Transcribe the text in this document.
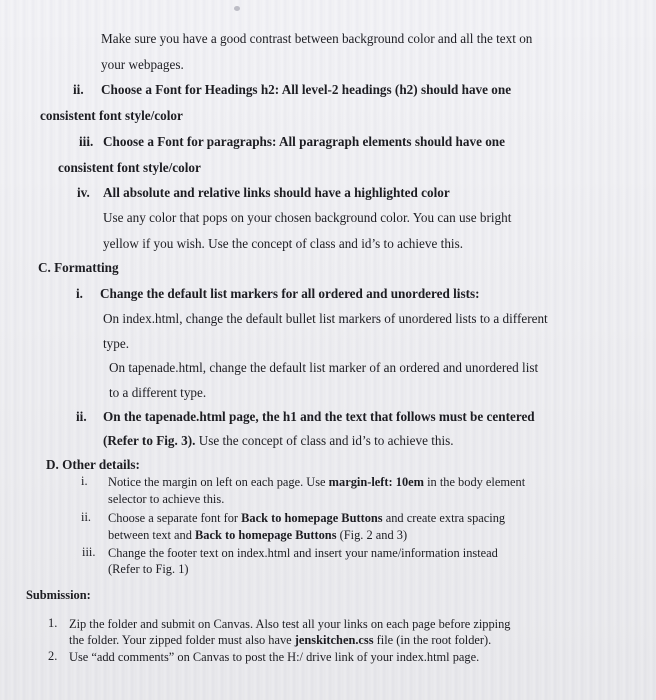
Make sure you have a good contrast between background color and all the text on
your webpages.
ii. Choose a Font for Headings h2: All level-2 headings (h2) should have one
consistent font style/color
iii. Choose a Font for paragraphs: All paragraph elements should have one
consistent font style/color
iv. All absolute and relative links should have a highlighted color
Use any color that pops on your chosen background color. You can use bright
yellow if you wish. Use the concept of class and id’s to achieve this.
C. Formatting
i. Change the default list markers for all ordered and unordered lists:
On index.html, change the default bullet list markers of unordered lists to a different
type.
On tapenade.html, change the default list marker of an ordered and unordered list
to a different type.
ii. On the tapenade.html page, the h1 and the text that follows must be centered
(Refer to Fig. 3). Use the concept of class and id’s to achieve this.
D. Other details:
i. Notice the margin on left on each page. Use margin-left: 10em in the body element
selector to achieve this.
ii. Choose a separate font for Back to homepage Buttons and create extra spacing
between text and Back to homepage Buttons (Fig. 2 and 3)
iii. Change the footer text on index.html and insert your name/information instead
(Refer to Fig. 1)
Submission:
1. Zip the folder and submit on Canvas. Also test all your links on each page before zipping
the folder. Your zipped folder must also have jenskitchen.css file (in the root folder).
2. Use “add comments” on Canvas to post the H:/ drive link of your index.html page.
